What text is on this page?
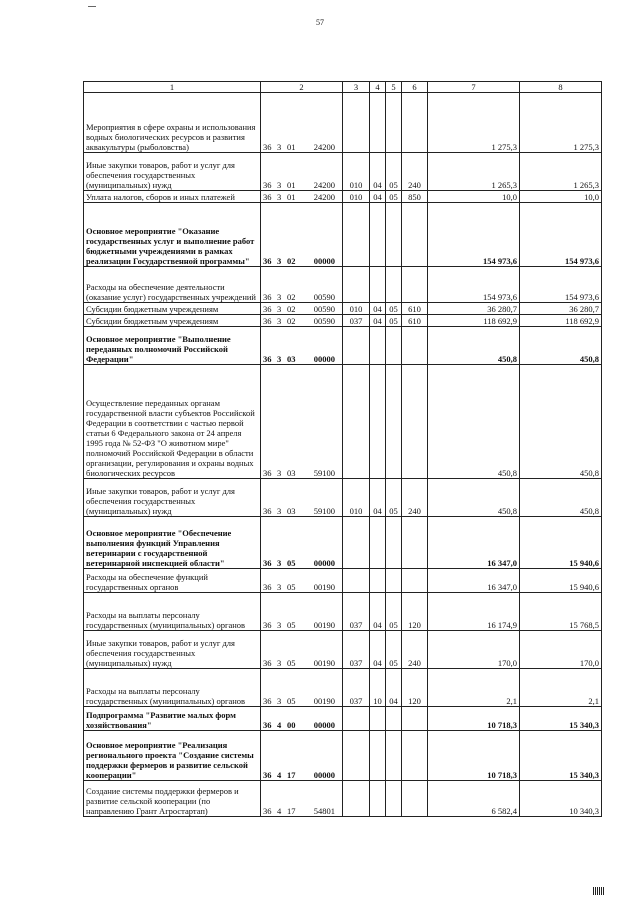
57
1	2	3	4	5	6	7	8
Мероприятия в сфере охраны и использования водных биологических ресурсов и развития аквакультуры (рыболовства)	36 3 01 24200					1 275,3	1 275,3
Иные закупки товаров, работ и услуг для обеспечения государственных (муниципальных) нужд	36 3 01 24200	010	04	05	240	1 265,3	1 265,3
Уплата налогов, сборов и иных платежей	36 3 01 24200	010	04	05	850	10,0	10,0
Основное мероприятие "Оказание государственных услуг и выполнение работ бюджетными учреждениями в рамках реализации Государственной программы"	36 3 02 00000					154 973,6	154 973,6
Расходы на обеспечение деятельности (оказание услуг) государственных учреждений	36 3 02 00590					154 973,6	154 973,6
Субсидии бюджетным учреждениям	36 3 02 00590	010	04	05	610	36 280,7	36 280,7
Субсидии бюджетным учреждениям	36 3 02 00590	037	04	05	610	118 692,9	118 692,9
Основное мероприятие "Выполнение переданных полномочий Российской Федерации"	36 3 03 00000					450,8	450,8
Осуществление переданных органам государственной власти субъектов Российской Федерации в соответствии с частью первой статьи 6 Федерального закона от 24 апреля 1995 года № 52-ФЗ "О животном мире" полномочий Российской Федерации в области организации, регулирования и охраны водных биологических ресурсов	36 3 03 59100					450,8	450,8
Иные закупки товаров, работ и услуг для обеспечения государственных (муниципальных) нужд	36 3 03 59100	010	04	05	240	450,8	450,8
Основное мероприятие "Обеспечение выполнения функций Управления ветеринарии с государственной ветеринарной инспекцией области"	36 3 05 00000					16 347,0	15 940,6
Расходы на обеспечение функций государственных органов	36 3 05 00190					16 347,0	15 940,6
Расходы на выплаты персоналу государственных (муниципальных) органов	36 3 05 00190	037	04	05	120	16 174,9	15 768,5
Иные закупки товаров, работ и услуг для обеспечения государственных (муниципальных) нужд	36 3 05 00190	037	04	05	240	170,0	170,0
Расходы на выплаты персоналу государственных (муниципальных) органов	36 3 05 00190	037	10	04	120	2,1	2,1
Подпрограмма "Развитие малых форм хозяйствования"	36 4 00 00000					10 718,3	15 340,3
Основное мероприятие "Реализация регионального проекта "Создание системы поддержки фермеров и развитие сельской кооперации"	36 4 17 00000					10 718,3	15 340,3
Создание системы поддержки фермеров и развитие сельской кооперации (по направлению Грант Агростартап)	36 4 17 54801					6 582,4	10 340,3
